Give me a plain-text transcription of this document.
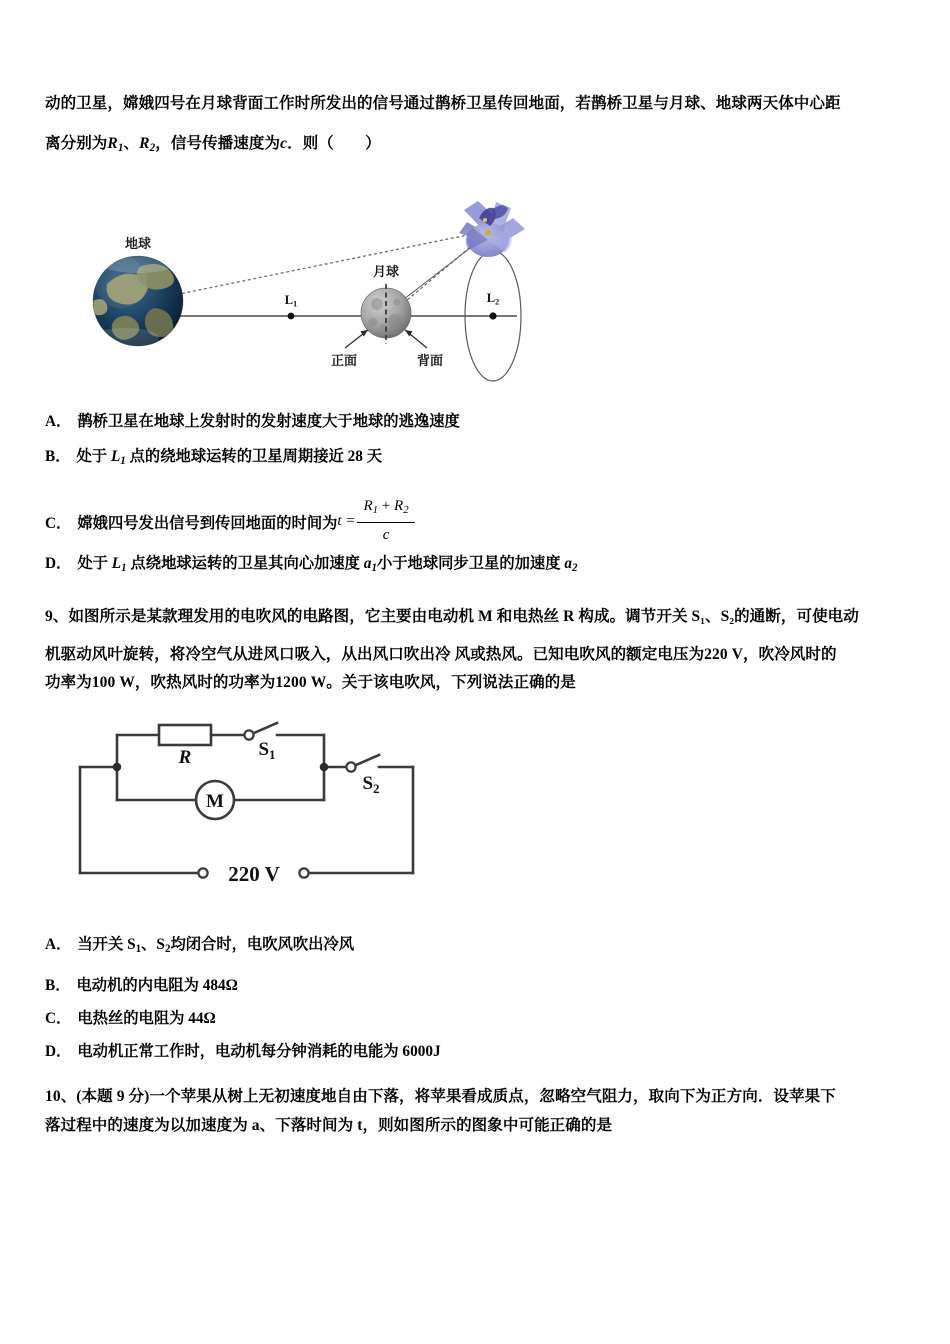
动的卫星，嫦娥四号在月球背面工作时所发出的信号通过鹊桥卫星传回地面，若鹊桥卫星与月球、地球两天体中心距
离分别为$R_1$、$R_2$，信号传播速度为c．则（　　）
地球
月球
正面	背面
$L_1$	$L_2$
A． 鹊桥卫星在地球上发射时的发射速度大于地球的逃逸速度
B． 处于 $L_1$ 点的绕地球运转的卫星周期接近 28 天
C． 嫦娥四号发出信号到传回地面的时间为$t = \frac{R_1 + R_2}{c}$
D． 处于 $L_1$ 点绕地球运转的卫星其向心加速度 $a_1$小于地球同步卫星的加速度 $a_2$
9、如图所示是某款理发用的电吹风的电路图，它主要由电动机 M 和电热丝 R 构成。调节开关 S₁、S₂的通断，可使电动
机驱动风叶旋转，将冷空气从进风口吸入，从出风口吹出冷 风或热风。已知电吹风的额定电压为220 V，吹冷风时的
功率为100 W，吹热风时的功率为1200 W。关于该电吹风，下列说法正确的是
M
R	$S_1$
$S_2$
220 V
A． 当开关 $S_1$、$S_2$均闭合时，电吹风吹出冷风
B． 电动机的内电阻为 484Ω
C． 电热丝的电阻为 44Ω
D． 电动机正常工作时，电动机每分钟消耗的电能为 6000J
10、(本题 9 分)一个苹果从树上无初速度地自由下落，将苹果看成质点，忽略空气阻力，取向下为正方向．设苹果下
落过程中的速度为以加速度为 a、下落时间为 t，则如图所示的图象中可能正确的是
